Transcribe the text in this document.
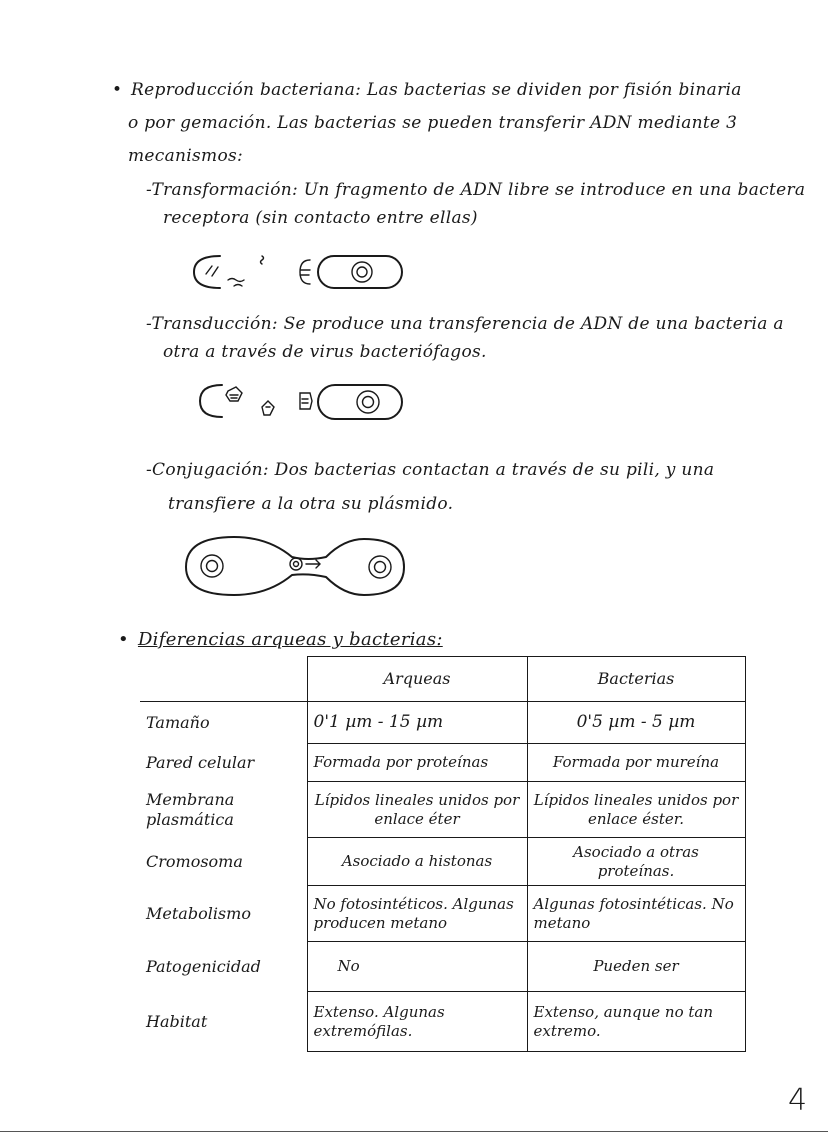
• Reproducción bacteriana: Las bacterias se dividen por fisión binaria
o por gemación. Las bacterias se pueden transferir ADN mediante 3
mecanismos:
-Transformación: Un fragmento de ADN libre se introduce en una bactera
receptora (sin contacto entre ellas)
-Transducción: Se produce una transferencia de ADN de una bacteria a
otra a través de virus bacteriófagos.
-Conjugación: Dos bacterias contactan a través de su pili, y una
transfiere a la otra su plásmido.
• Diferencias arqueas y bacterias:
	Arqueas	Bacterias
Tamaño	0'1 µm - 15 µm	0'5 µm - 5 µm
Pared celular	Formada por proteínas	Formada por mureína
Membrana plasmática	Lípidos lineales unidos por enlace éter	Lípidos lineales unidos por enlace éster.
Cromosoma	Asociado a histonas	Asociado a otras proteínas.
Metabolismo	No fotosintéticos. Algunas producen metano	Algunas fotosintéticas. No metano
Patogenicidad	No	Pueden ser
Habitat	Extenso. Algunas extremófilas.	Extenso, aunque no tan extremo.
4
